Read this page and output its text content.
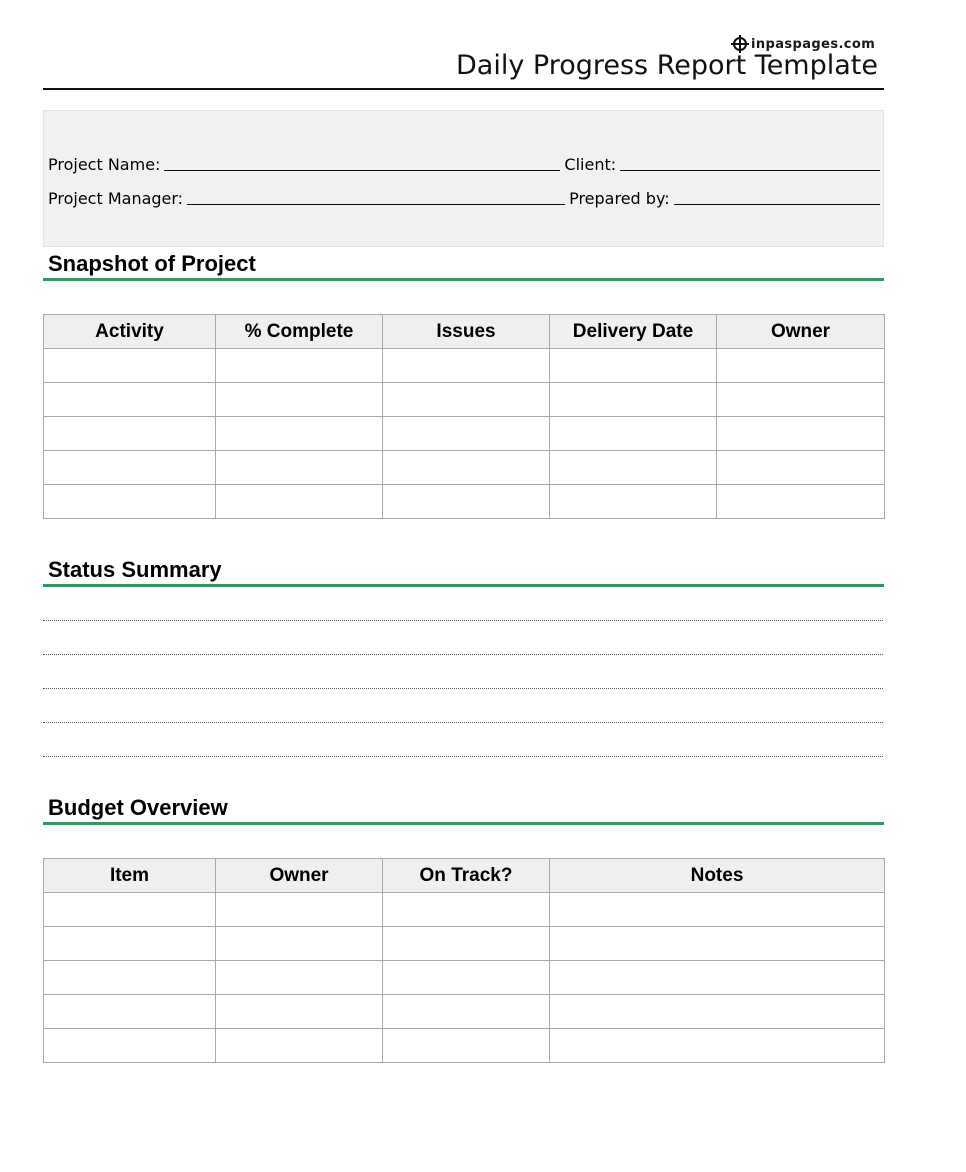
inpaspages.com
Daily Progress Report Template
Project Name:	Client:
Project Manager:	Prepared by:
Snapshot of Project
Activity	% Complete	Issues	Delivery Date	Owner

Status Summary
Budget Overview
Item	Owner	On Track?	Notes
